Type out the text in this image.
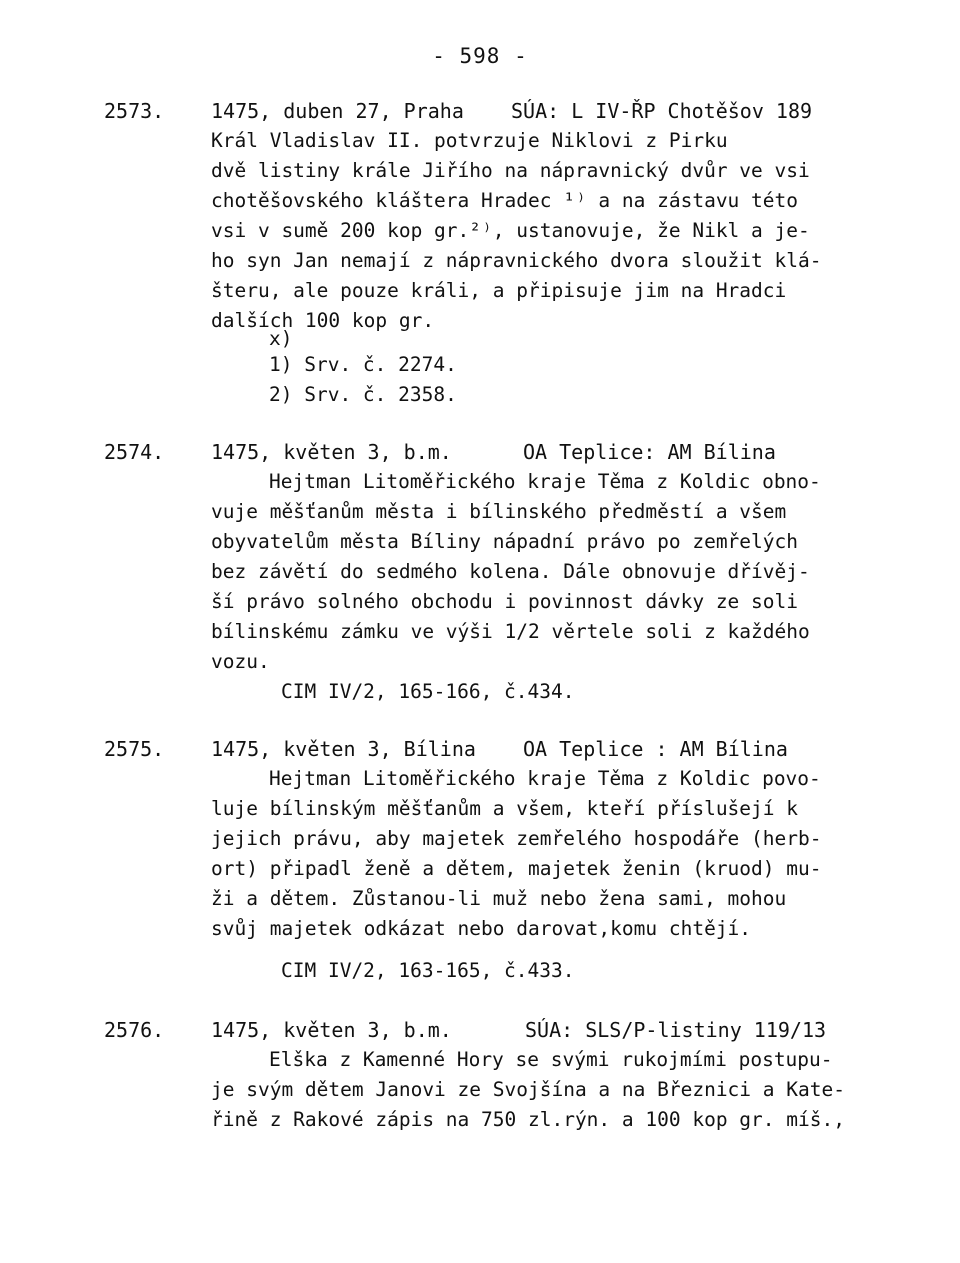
- 598 -
2573. 1475, duben 27, Praha SÚA: L IV-ŘP Chotěšov 189
Král Vladislav II. potvrzuje Niklovi z Pirku
dvě listiny krále Jiřího na nápravnický dvůr ve vsi
chotěšovského kláštera Hradec ¹⁾ a na zástavu této
vsi v sumě 200 kop gr.²⁾, ustanovuje, že Nikl a je-
ho syn Jan nemají z nápravnického dvora sloužit klá-
šteru, ale pouze králi, a připisuje jim na Hradci
dalších 100 kop gr.
x)
1) Srv. č. 2274.
2) Srv. č. 2358.
2574. 1475, květen 3, b.m.	OA Teplice: AM Bílina
Hejtman Litoměřického kraje Těma z Koldic obno-
vuje měšťanům města i bílinského předměstí a všem
obyvatelům města Bíliny nápadní právo po zemřelých
bez závětí do sedmého kolena. Dále obnovuje dřívěj-
ší právo solného obchodu i povinnost dávky ze soli
bílinskému zámku ve výši 1/2 věrtele soli z každého
vozu.
CIM IV/2, 165-166, č.434.
2575. 1475, květen 3, Bílina OA Teplice : AM Bílina
Hejtman Litoměřického kraje Těma z Koldic povo-
luje bílinským měšťanům a všem, kteří příslušejí k
jejich právu, aby majetek zemřelého hospodáře (herb-
ort) připadl ženě a dětem, majetek ženin (kruod) mu-
ži a dětem. Zůstanou-li muž nebo žena sami, mohou
svůj majetek odkázat nebo darovat,komu chtějí.
CIM IV/2, 163-165, č.433.
2576. 1475, květen 3, b.m.	SÚA: SLS/P-listiny 119/13
Elška z Kamenné Hory se svými rukojmími postupu-
je svým dětem Janovi ze Svojšína a na Březnici a Kate-
řině z Rakové zápis na 750 zl.rýn. a 100 kop gr. míš.,
